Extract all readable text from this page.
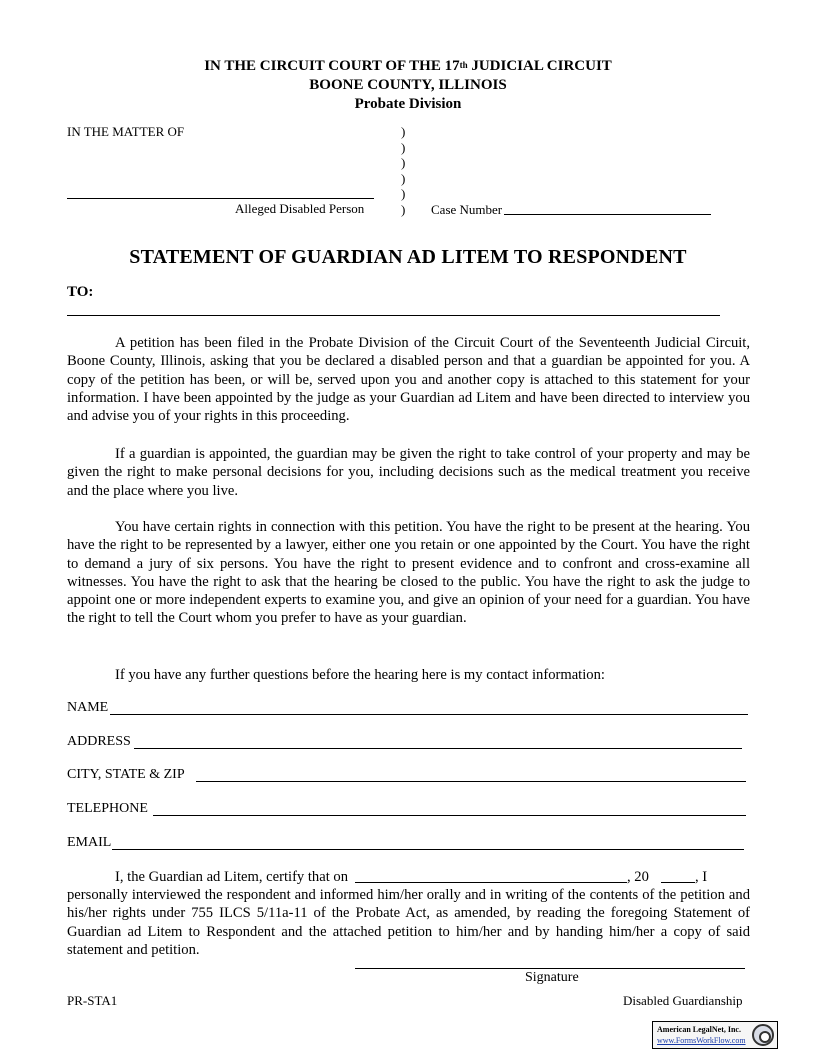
IN THE CIRCUIT COURT OF THE 17th JUDICIAL CIRCUIT
BOONE COUNTY, ILLINOIS
Probate Division
IN THE MATTER OF	)
)
)
)
)
)
Alleged Disabled Person	Case Number
STATEMENT OF GUARDIAN AD LITEM TO RESPONDENT
TO:

A petition has been filed in the Probate Division of the Circuit Court of the Seventeenth Judicial Circuit, Boone County, Illinois, asking that you be declared a disabled person and that a guardian be appointed for you. A copy of the petition has been, or will be, served upon you and another copy is attached to this statement for your information. I have been appointed by the judge as your Guardian ad Litem and have been directed to interview you and advise you of your rights in this proceeding.

If a guardian is appointed, the guardian may be given the right to take control of your property and may be given the right to make personal decisions for you, including decisions such as the medical treatment you receive and the place where you live.

You have certain rights in connection with this petition. You have the right to be present at the hearing. You have the right to be represented by a lawyer, either one you retain or one appointed by the Court. You have the right to demand a jury of six persons. You have the right to present evidence and to confront and cross-examine all witnesses. You have the right to ask that the hearing be closed to the public. You have the right to ask the judge to appoint one or more independent experts to examine you, and give an opinion of your need for a guardian. You have the right to tell the Court whom you prefer to have as your guardian.

If you have any further questions before the hearing here is my contact information:

NAME
ADDRESS
CITY, STATE & ZIP
TELEPHONE
EMAIL
I, the Guardian ad Litem, certify that on	, 20	, I

personally interviewed the respondent and informed him/her orally and in writing of the contents of the petition and his/her rights under 755 ILCS 5/11a-11 of the Probate Act, as amended, by reading the foregoing Statement of Guardian ad Litem to Respondent and the attached petition to him/her and by handing him/her a copy of said statement and petition.

Signature
PR-STA1	Disabled Guardianship
American LegalNet, Inc.
www.FormsWorkFlow.com
